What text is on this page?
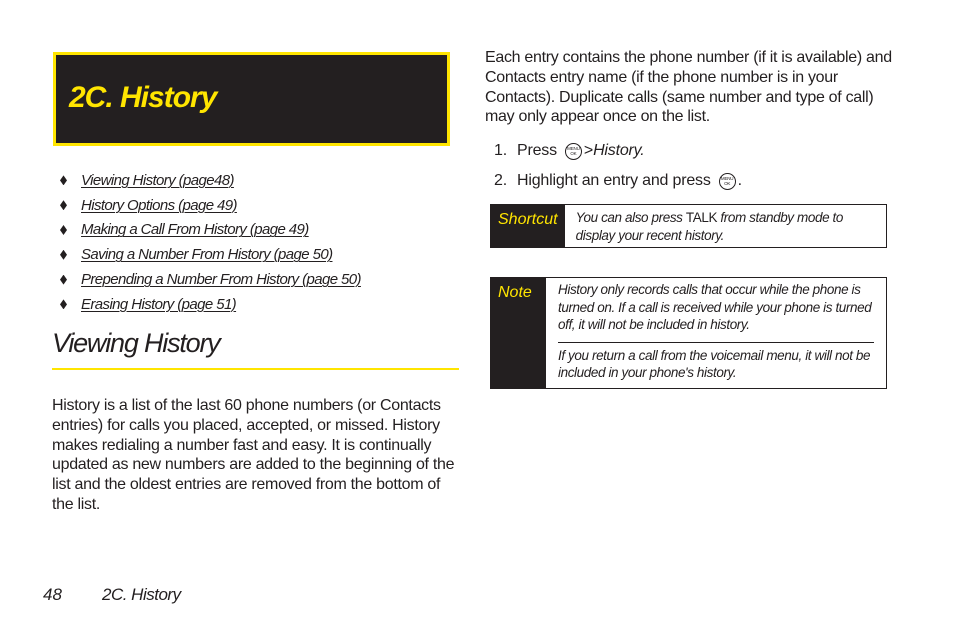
2C. History
Viewing History (page48)
History Options (page 49)
Making a Call From History (page 49)
Saving a Number From History (page 50)
Prepending a Number From History (page 50)
Erasing History (page 51)
Viewing History

History is a list of the last 60 phone numbers (or Contacts entries) for calls you placed, accepted, or missed. History makes redialing a number fast and easy. It is continually updated as new numbers are added to the beginning of the list and the oldest entries are removed from the bottom of the list.

Each entry contains the phone number (if it is available) and Contacts entry name (if the phone number is in your Contacts). Duplicate calls (same number and type of call) may only appear once on the list.

1. Press MENU
OK > History.
2. Highlight an entry and press MENU
OK .
Shortcut	You can also press TALK from standby mode to display your recent history.
Note	History only records calls that occur while the phone is turned on. If a call is received while your phone is turned off, it will not be included in history.
If you return a call from the voicemail menu, it will not be included in your phone's history.
48 2C. History
